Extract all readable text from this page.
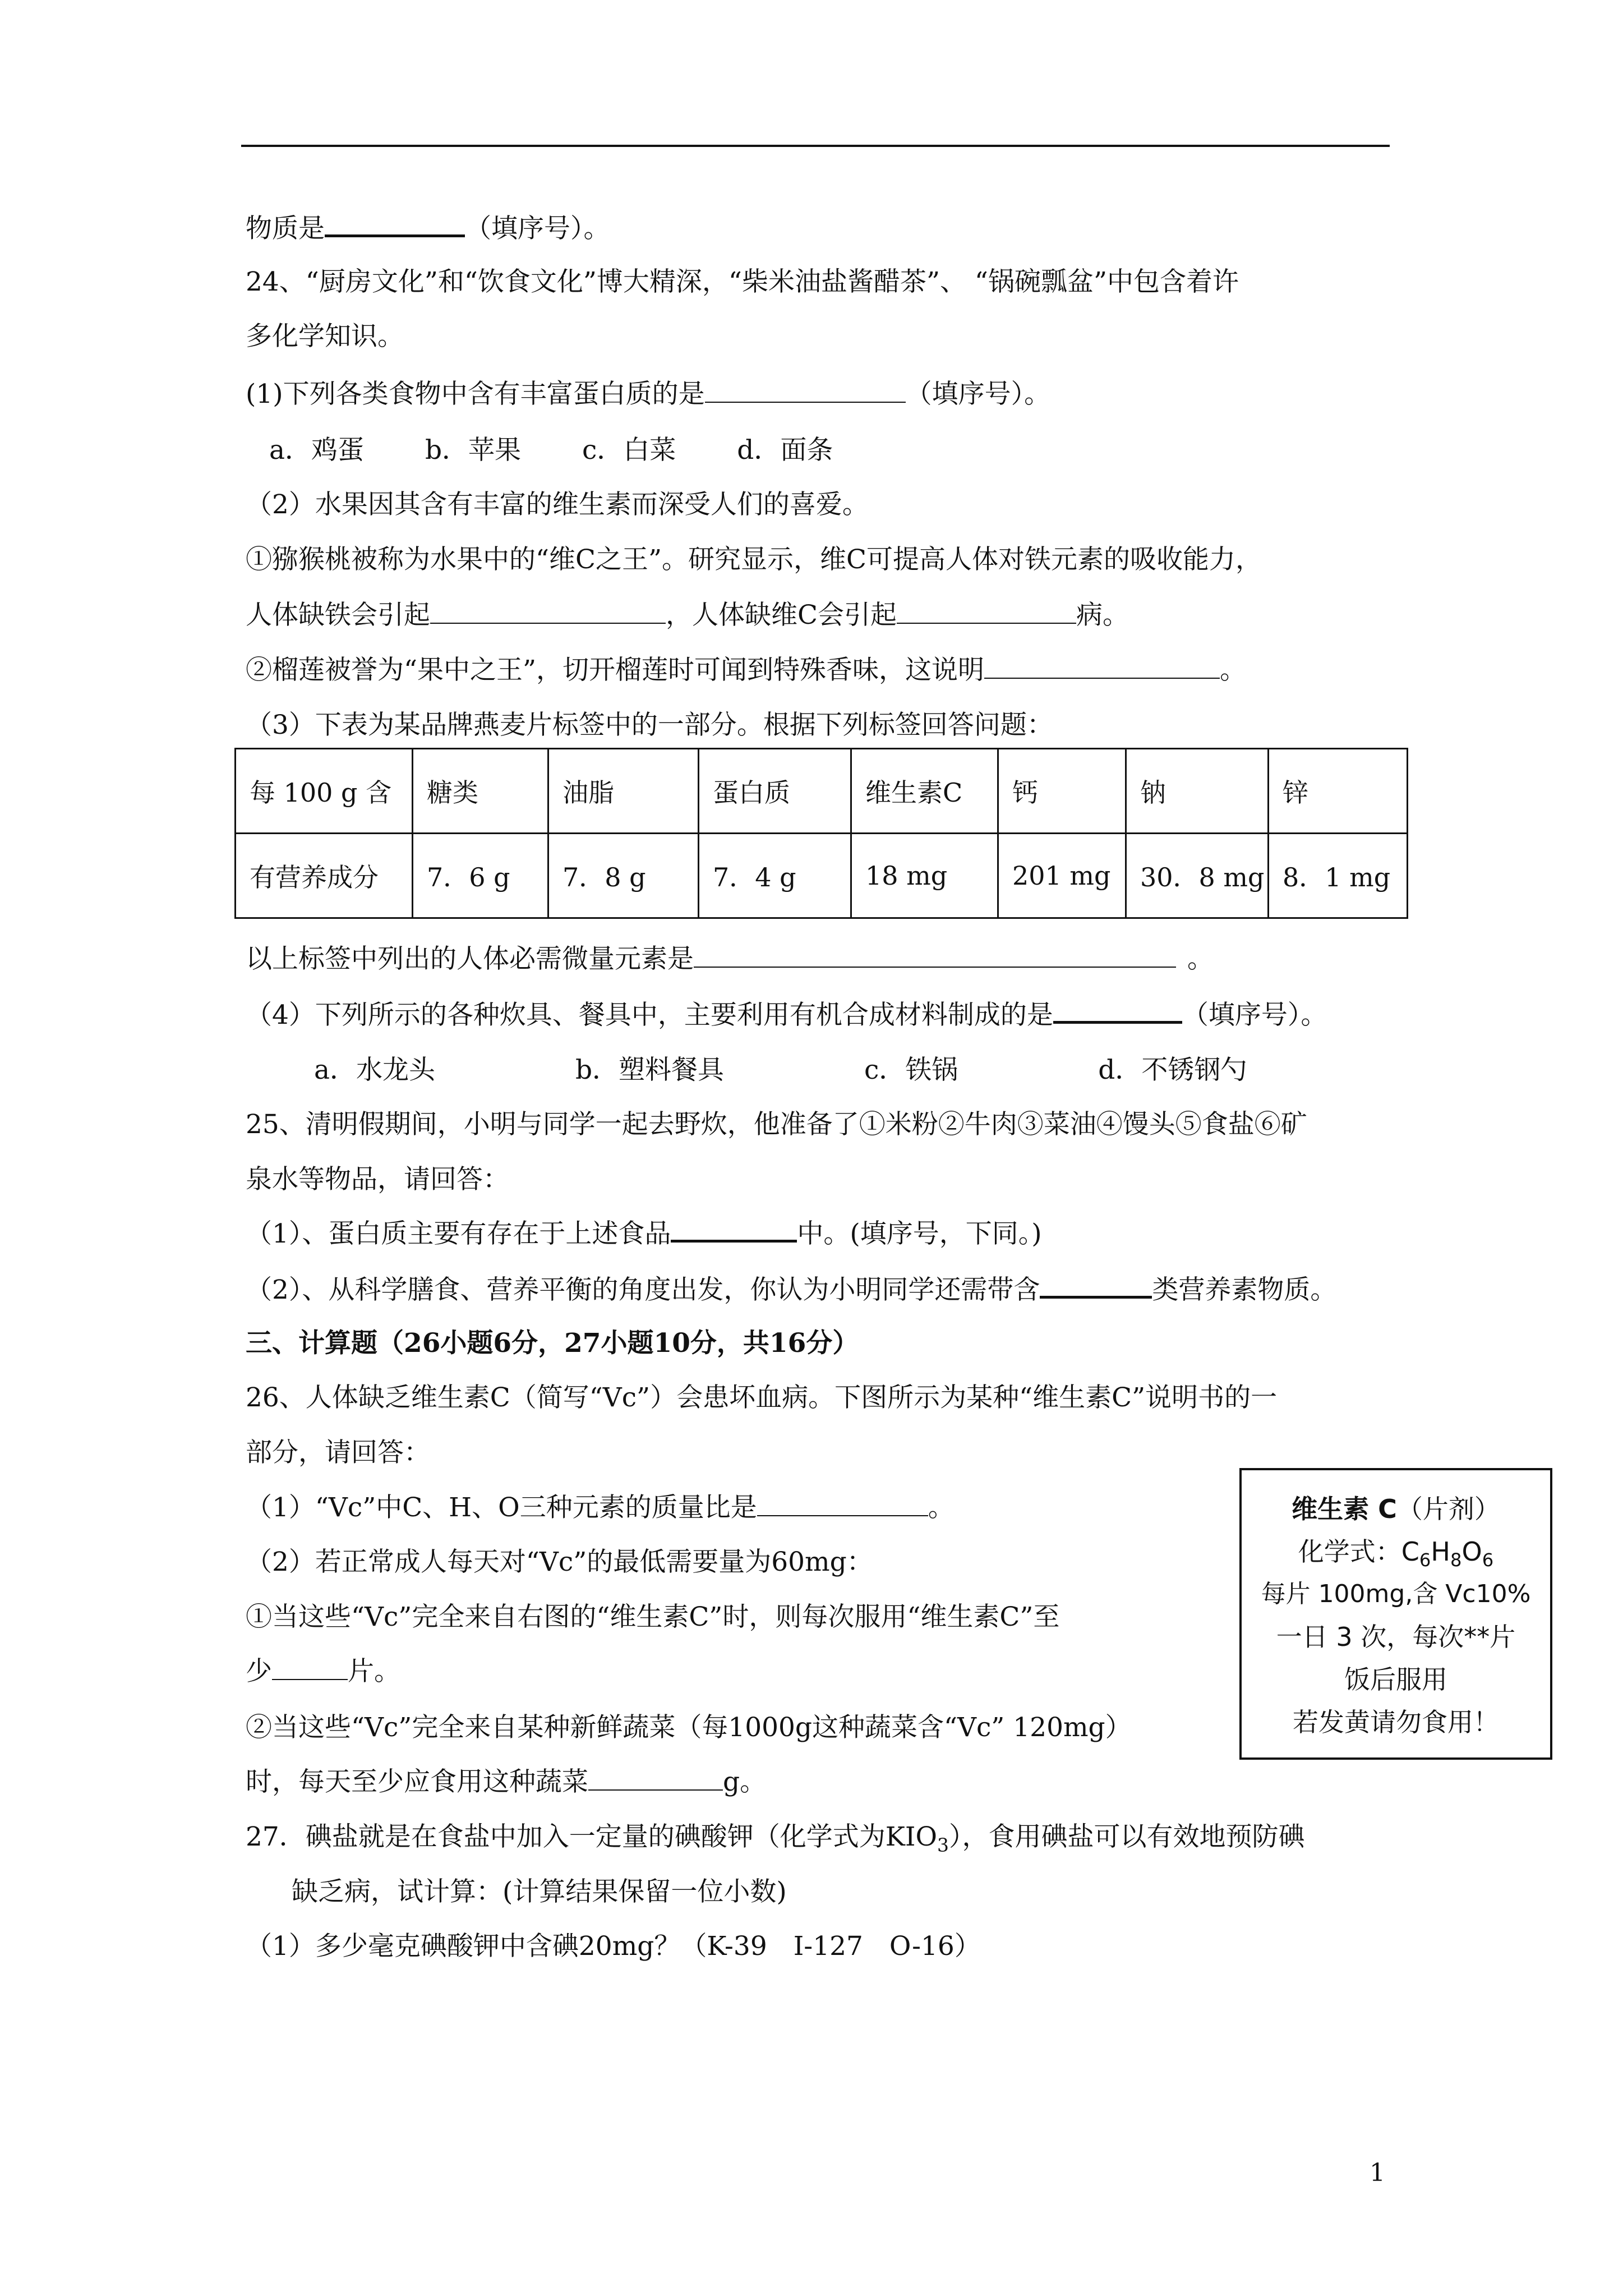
物质是	（填序号）。
24、“厨房文化”和“饮食文化”博大精深，“柴米油盐酱醋茶”、 “锅碗瓢盆”中包含着许
多化学知识。
(1)下列各类食物中含有丰富蛋白质的是	（填序号）。
a．鸡蛋　　 b．苹果　　 c．白菜　　 d．面条
（2）水果因其含有丰富的维生素而深受人们的喜爱。
①猕猴桃被称为水果中的“维C之王”。研究显示，维C可提高人体对铁元素的吸收能力，
人体缺铁会引起	，人体缺维C会引起	病。
②榴莲被誉为“果中之王”，切开榴莲时可闻到特殊香味，这说明	。
（3）下表为某品牌燕麦片标签中的一部分。根据下列标签回答问题：
每 100 g 含	糖类	油脂	蛋白质	维生素C	钙	钠	锌
有营养成分	7．6 g	7．8 g	7．4 g	18 mg	201 mg	30．8 mg	8．1 mg
以上标签中列出的人体必需微量元素是	。
（4）下列所示的各种炊具、餐具中，主要利用有机合成材料制成的是	（填序号）。
a．水龙头　　　　　 b．塑料餐具　　　　　 c．铁锅　　　　　 d．不锈钢勺
25、清明假期间，小明与同学一起去野炊，他准备了①米粉②牛肉③菜油④馒头⑤食盐⑥矿
泉水等物品，请回答：
（1）、蛋白质主要有存在于上述食品	中。(填序号，下同。)
（2）、从科学膳食、营养平衡的角度出发，你认为小明同学还需带含	类营养素物质。
三、计算题（26小题6分，27小题10分，共16分）
26、人体缺乏维生素C（简写“Vc”）会患坏血病。下图所示为某种“维生素C”说明书的一
部分，请回答：
（1）“Vc”中C、H、O三种元素的质量比是	。
（2）若正常成人每天对“Vc”的最低需要量为60mg：
①当这些“Vc”完全来自右图的“维生素C”时，则每次服用“维生素C”至
少	片。
②当这些“Vc”完全来自某种新鲜蔬菜（每1000g这种蔬菜含“Vc” 120mg）
时，每天至少应食用这种蔬菜	g。
维生素 C（片剂）
化学式：$C_6H_8O_6$
每片 100mg,含 Vc10%
一日 3 次，每次**片
饭后服用
若发黄请勿食用！
27．碘盐就是在食盐中加入一定量的碘酸钾（化学式为$KIO_3$），食用碘盐可以有效地预防碘
缺乏病，试计算：(计算结果保留一位小数)
（1）多少毫克碘酸钾中含碘20mg？（K-39　I-127　O-16）
1
